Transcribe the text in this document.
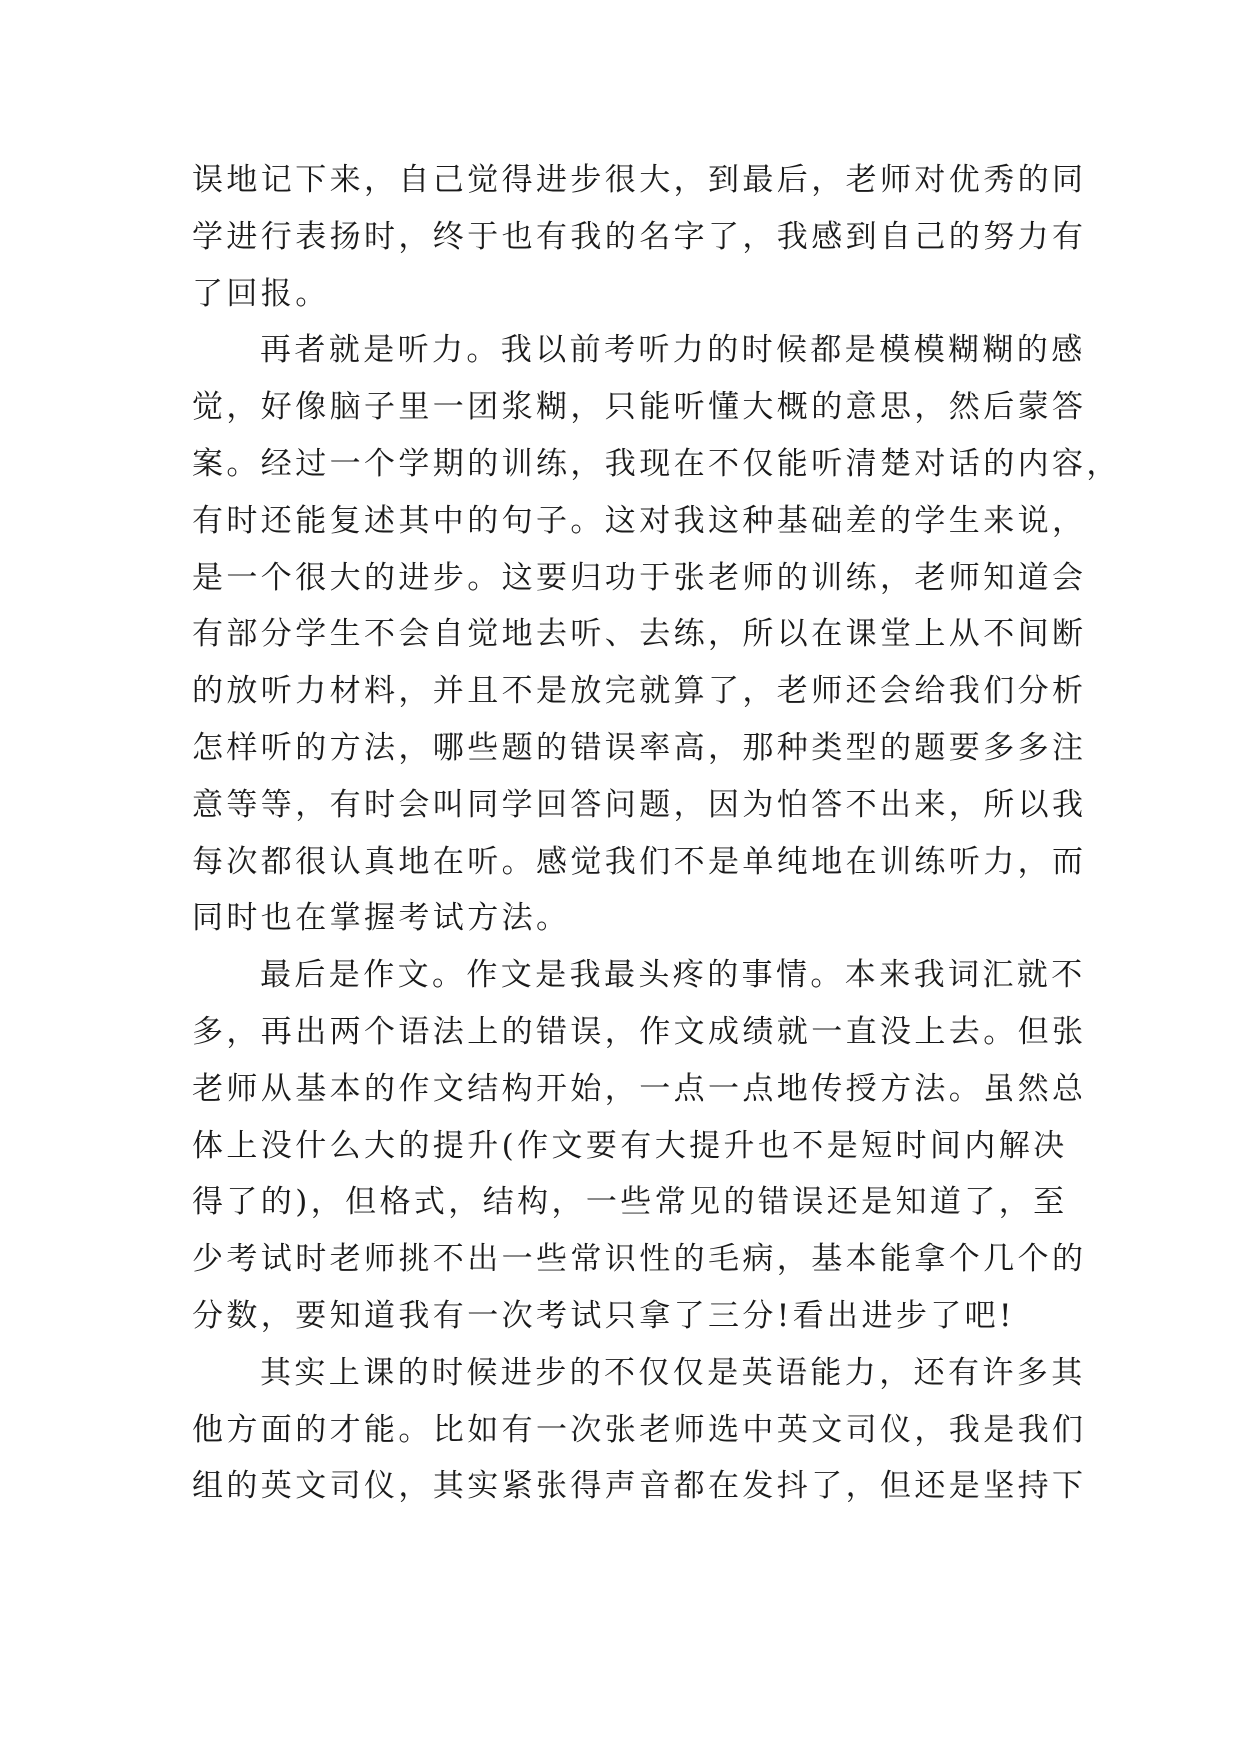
误地记下来，自己觉得进步很大，到最后，老师对优秀的同
学进行表扬时，终于也有我的名字了，我感到自己的努力有
了回报。
再者就是听力。我以前考听力的时候都是模模糊糊的感
觉，好像脑子里一团浆糊，只能听懂大概的意思，然后蒙答
案。经过一个学期的训练，我现在不仅能听清楚对话的内容，
有时还能复述其中的句子。这对我这种基础差的学生来说，
是一个很大的进步。这要归功于张老师的训练，老师知道会
有部分学生不会自觉地去听、去练，所以在课堂上从不间断
的放听力材料，并且不是放完就算了，老师还会给我们分析
怎样听的方法，哪些题的错误率高，那种类型的题要多多注
意等等，有时会叫同学回答问题，因为怕答不出来，所以我
每次都很认真地在听。感觉我们不是单纯地在训练听力，而
同时也在掌握考试方法。
最后是作文。作文是我最头疼的事情。本来我词汇就不
多，再出两个语法上的错误，作文成绩就一直没上去。但张
老师从基本的作文结构开始，一点一点地传授方法。虽然总
体上没什么大的提升(作文要有大提升也不是短时间内解决
得了的)，但格式，结构，一些常见的错误还是知道了，至
少考试时老师挑不出一些常识性的毛病，基本能拿个几个的
分数，要知道我有一次考试只拿了三分!看出进步了吧!
其实上课的时候进步的不仅仅是英语能力，还有许多其
他方面的才能。比如有一次张老师选中英文司仪，我是我们
组的英文司仪，其实紧张得声音都在发抖了，但还是坚持下
